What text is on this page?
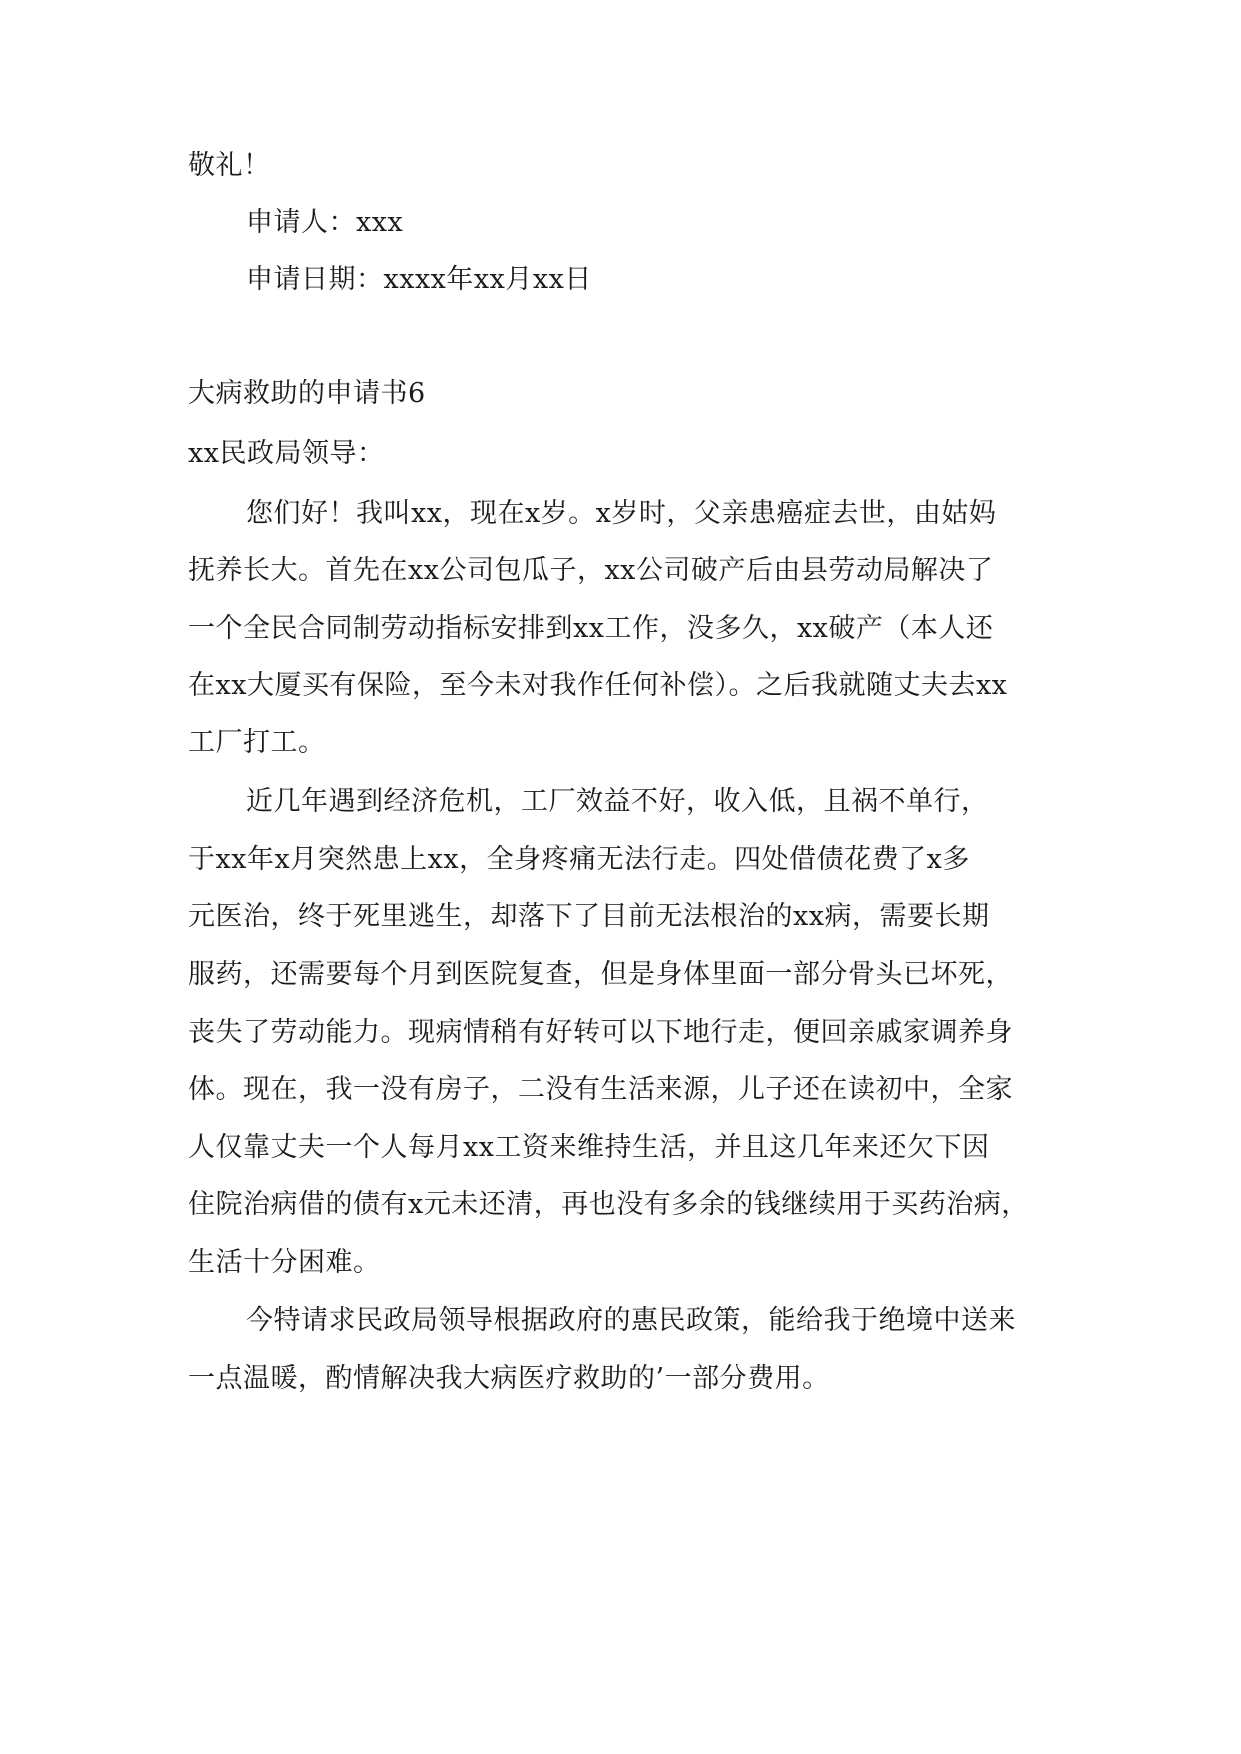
敬礼！
申请人：xxx
申请日期：xxxx年xx月xx日
大病救助的申请书6
xx民政局领导：
您们好！我叫xx，现在x岁。x岁时，父亲患癌症去世，由姑妈
抚养长大。首先在xx公司包瓜子，xx公司破产后由县劳动局解决了
一个全民合同制劳动指标安排到xx工作，没多久，xx破产（本人还
在xx大厦买有保险，至今未对我作任何补偿）。之后我就随丈夫去xx
工厂打工。
近几年遇到经济危机，工厂效益不好，收入低，且祸不单行，
于xx年x月突然患上xx，全身疼痛无法行走。四处借债花费了x多
元医治，终于死里逃生，却落下了目前无法根治的xx病，需要长期
服药，还需要每个月到医院复查，但是身体里面一部分骨头已坏死，
丧失了劳动能力。现病情稍有好转可以下地行走，便回亲戚家调养身
体。现在，我一没有房子，二没有生活来源，儿子还在读初中，全家
人仅靠丈夫一个人每月xx工资来维持生活，并且这几年来还欠下因
住院治病借的债有x元未还清，再也没有多余的钱继续用于买药治病，
生活十分困难。
今特请求民政局领导根据政府的惠民政策，能给我于绝境中送来
一点温暖，酌情解决我大病医疗救助的’一部分费用。
